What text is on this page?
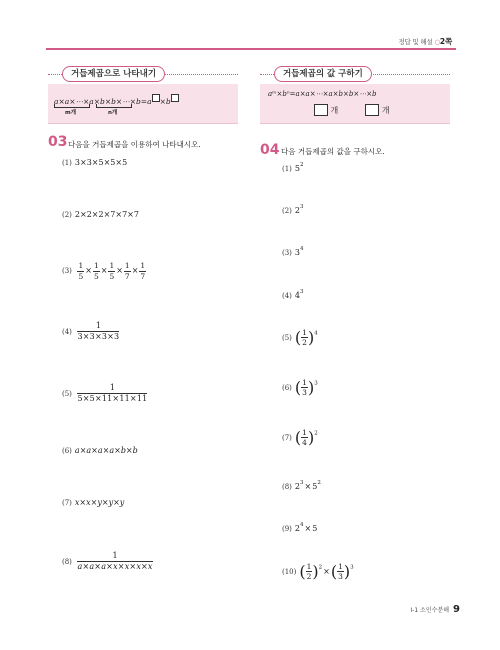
정답 및 해설 ○2쪽
거듭제곱으로 나타내기
a×a×⋯×a×b×b×⋯×b=a ×b
m개	n개
거듭제곱의 값 구하기
aᵐ×bⁿ=a×a×⋯×a×b×b×⋯×b
개	개
03 다음을 거듭제곱을 이용하여 나타내시오.
(1) 3×3×5×5×5
(2) 2×2×2×7×7×7
$(3) \frac{1}{5} \times \frac{1}{5} \times \frac{1}{5} \times \frac{1}{7} \times \frac{1}{7}$
$(4) \frac{1}{3\times 3\times 3\times 3}$
$(5) \frac{1}{5\times 5\times 11\times 11\times 11}$
(6) a×a×a×a×b×b
(7) x×x×y×y×y
$(8) \frac{1}{a\times a\times a\times x\times x\times x\times x}$
04 다음 거듭제곱의 값을 구하시오.
(1) $5^2$
(2) $2^3$
(3) $3^4$
(4) $4^3$
(5) ( $\frac{1}{2} )^4$
(6) ( $\frac{1}{3} )^3$
(7) ( $\frac{1}{4} )^2$
(8) $2^3\times 5^2$
(9) $2^4\times 5$
(10) ( $\frac{1}{2} )^2\times( \frac{1}{3} )^3$
Ⅰ-1 소인수분해 9
